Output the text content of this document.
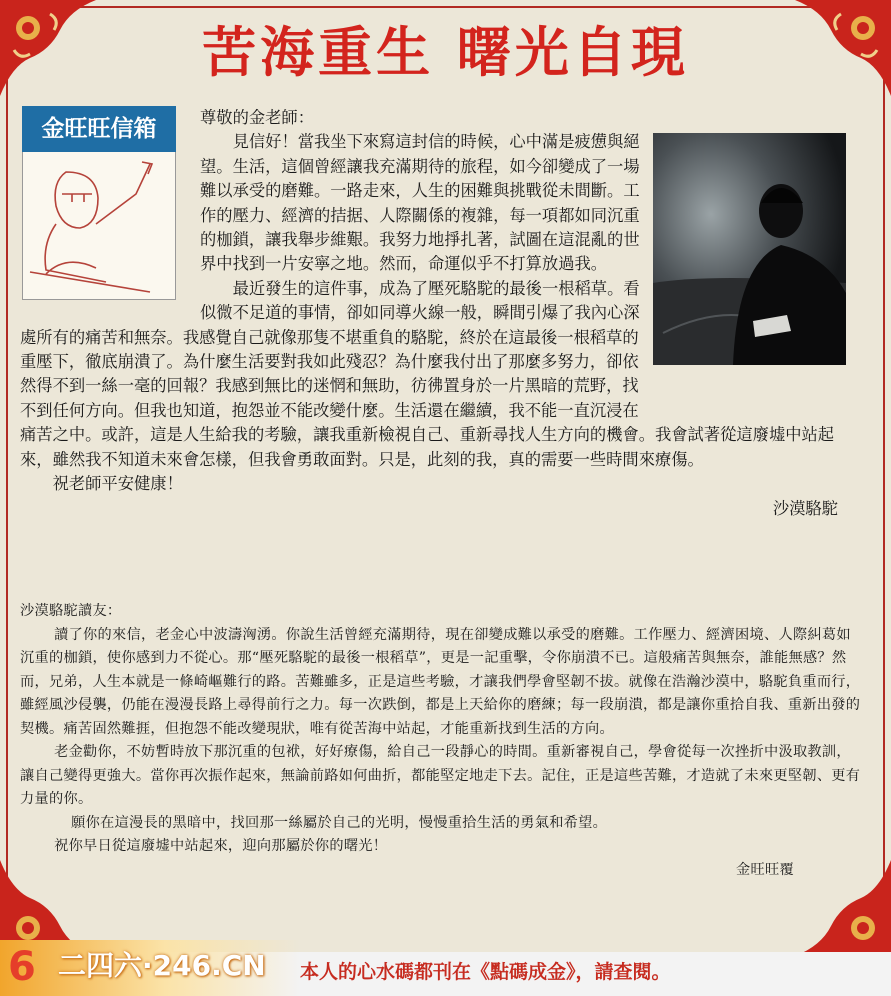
苦海重生 曙光自現
金旺旺信箱	尊敬的金老師：

見信好！當我坐下來寫這封信的時候，心中滿是疲憊與絕望。生活，這個曾經讓我充滿期待的旅程，如今卻變成了一場難以承受的磨難。一路走來，人生的困難與挑戰從未間斷。工作的壓力、經濟的拮据、人際關係的複雜，每一項都如同沉重的枷鎖，讓我舉步維艱。我努力地掙扎著，試圖在這混亂的世界中找到一片安寧之地。然而，命運似乎不打算放過我。

最近發生的這件事，成為了壓死駱駝的最後一根稻草。看似微不足道的事情，卻如同導火線一般，瞬間引爆了我內心深處所有的痛苦和無奈。我感覺自己就像那隻不堪重負的駱駝，終於在這最後一根稻草的重壓下，徹底崩潰了。為什麼生活要對我如此殘忍？為什麼我付出了那麼多努力，卻依然得不到一絲一毫的回報？我感到無比的迷惘和無助，彷彿置身於一片黑暗的荒野，找不到任何方向。但我也知道，抱怨並不能改變什麼。生活還在繼續，我不能一直沉浸在痛苦之中。或許，這是人生給我的考驗，讓我重新檢視自己、重新尋找人生方向的機會。我會試著從這廢墟中站起來，雖然我不知道未來會怎樣，但我會勇敢面對。只是，此刻的我，真的需要一些時間來療傷。

祝老師平安健康！

沙漠駱駝

沙漠駱駝讀友：

讀了你的來信，老金心中波濤洶湧。你說生活曾經充滿期待，現在卻變成難以承受的磨難。工作壓力、經濟困境、人際糾葛如沉重的枷鎖，使你感到力不從心。那“壓死駱駝的最後一根稻草”，更是一記重擊，令你崩潰不已。這般痛苦與無奈，誰能無感？然而，兄弟，人生本就是一條崎嶇難行的路。苦難雖多，正是這些考驗，才讓我們學會堅韌不拔。就像在浩瀚沙漠中，駱駝負重而行，雖經風沙侵襲，仍能在漫漫長路上尋得前行之力。每一次跌倒，都是上天給你的磨練；每一段崩潰，都是讓你重拾自我、重新出發的契機。痛苦固然難捱，但抱怨不能改變現狀，唯有從苦海中站起，才能重新找到生活的方向。

老金勸你，不妨暫時放下那沉重的包袱，好好療傷，給自己一段靜心的時間。重新審視自己，學會從每一次挫折中汲取教訓，讓自己變得更強大。當你再次振作起來，無論前路如何曲折，都能堅定地走下去。記住，正是這些苦難，才造就了未來更堅韌、更有力量的你。

願你在這漫長的黑暗中，找回那一絲屬於自己的光明，慢慢重拾生活的勇氣和希望。

祝你早日從這廢墟中站起來，迎向那屬於你的曙光！

金旺旺覆

6 二四六·246.CN 本人的心水碼都刊在《點碼成金》，請查閱。
